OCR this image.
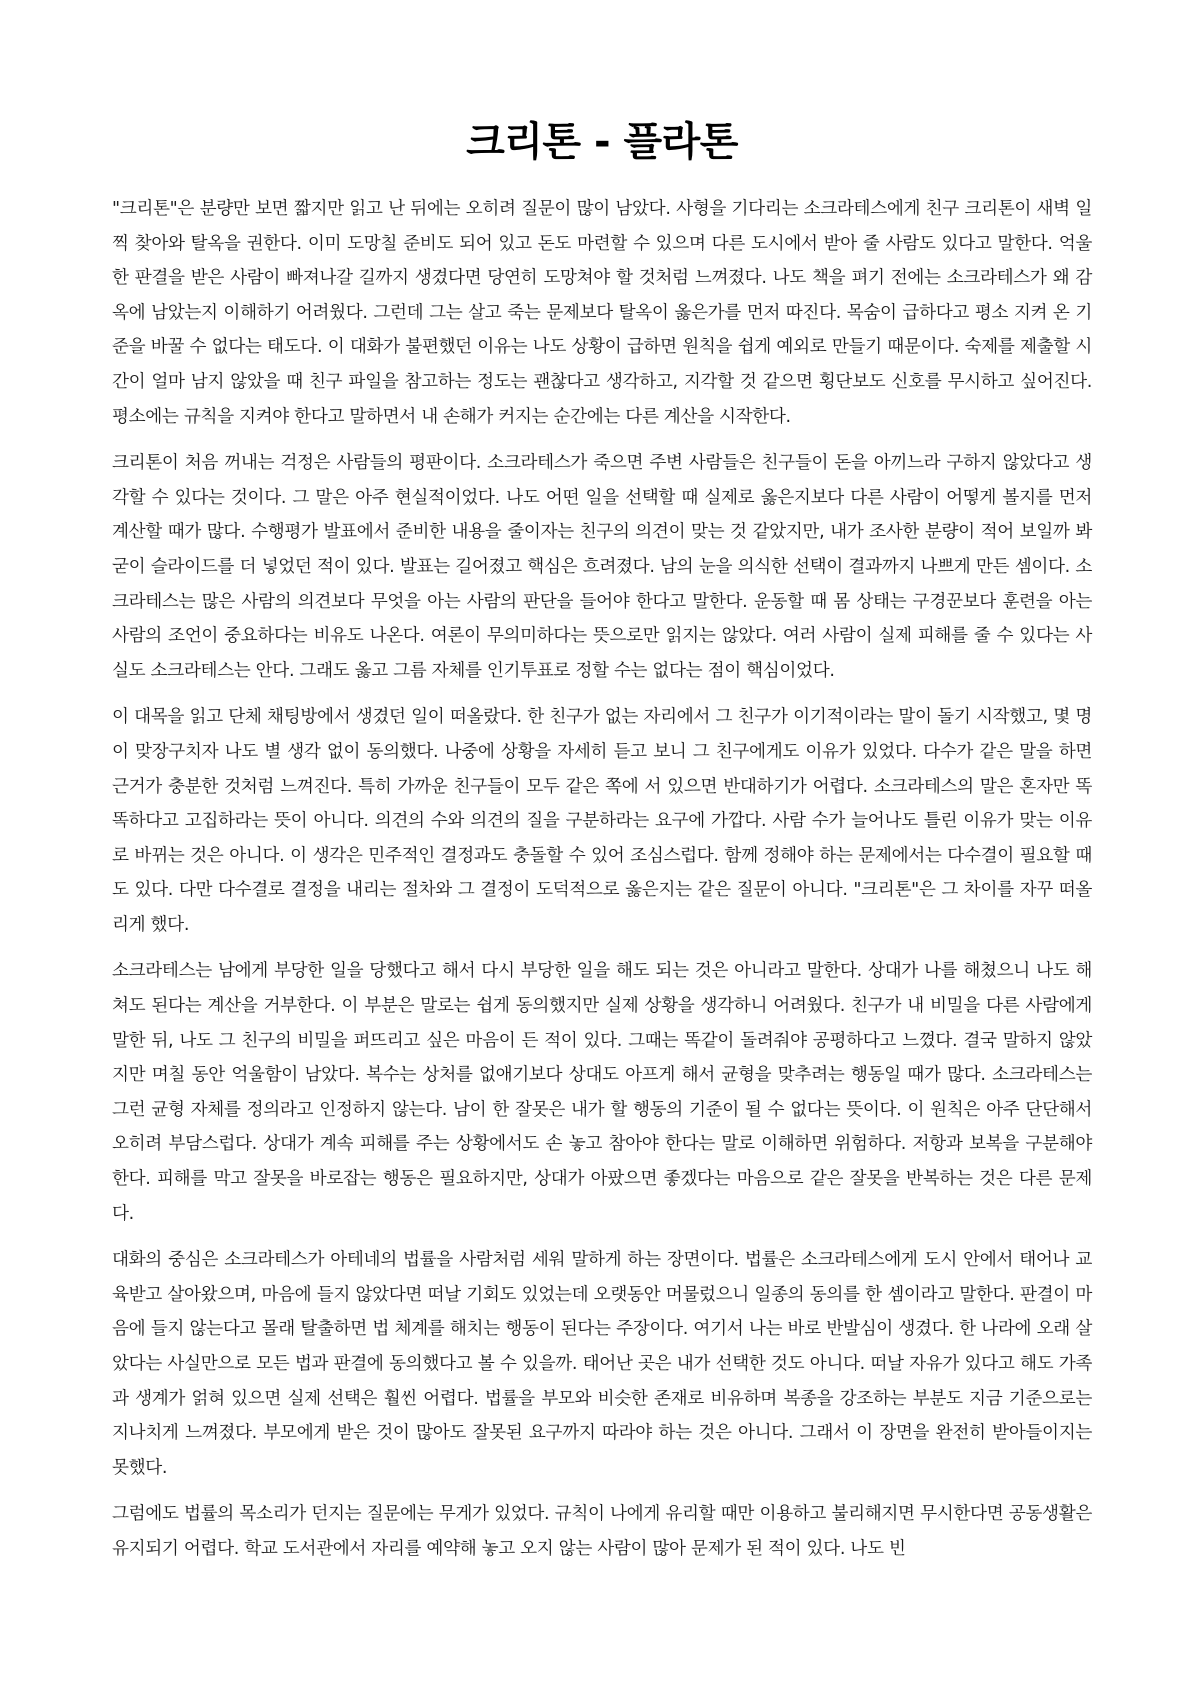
크리톤 - 플라톤

"크리톤"은 분량만 보면 짧지만 읽고 난 뒤에는 오히려 질문이 많이 남았다. 사형을 기다리는 소크라테스에게 친구 크리톤이 새벽 일찍 찾아와 탈옥을 권한다. 이미 도망칠 준비도 되어 있고 돈도 마련할 수 있으며 다른 도시에서 받아 줄 사람도 있다고 말한다. 억울한 판결을 받은 사람이 빠져나갈 길까지 생겼다면 당연히 도망쳐야 할 것처럼 느껴졌다. 나도 책을 펴기 전에는 소크라테스가 왜 감옥에 남았는지 이해하기 어려웠다. 그런데 그는 살고 죽는 문제보다 탈옥이 옳은가를 먼저 따진다. 목숨이 급하다고 평소 지켜 온 기준을 바꿀 수 없다는 태도다. 이 대화가 불편했던 이유는 나도 상황이 급하면 원칙을 쉽게 예외로 만들기 때문이다. 숙제를 제출할 시간이 얼마 남지 않았을 때 친구 파일을 참고하는 정도는 괜찮다고 생각하고, 지각할 것 같으면 횡단보도 신호를 무시하고 싶어진다. 평소에는 규칙을 지켜야 한다고 말하면서 내 손해가 커지는 순간에는 다른 계산을 시작한다.

크리톤이 처음 꺼내는 걱정은 사람들의 평판이다. 소크라테스가 죽으면 주변 사람들은 친구들이 돈을 아끼느라 구하지 않았다고 생각할 수 있다는 것이다. 그 말은 아주 현실적이었다. 나도 어떤 일을 선택할 때 실제로 옳은지보다 다른 사람이 어떻게 볼지를 먼저 계산할 때가 많다. 수행평가 발표에서 준비한 내용을 줄이자는 친구의 의견이 맞는 것 같았지만, 내가 조사한 분량이 적어 보일까 봐 굳이 슬라이드를 더 넣었던 적이 있다. 발표는 길어졌고 핵심은 흐려졌다. 남의 눈을 의식한 선택이 결과까지 나쁘게 만든 셈이다. 소크라테스는 많은 사람의 의견보다 무엇을 아는 사람의 판단을 들어야 한다고 말한다. 운동할 때 몸 상태는 구경꾼보다 훈련을 아는 사람의 조언이 중요하다는 비유도 나온다. 여론이 무의미하다는 뜻으로만 읽지는 않았다. 여러 사람이 실제 피해를 줄 수 있다는 사실도 소크라테스는 안다. 그래도 옳고 그름 자체를 인기투표로 정할 수는 없다는 점이 핵심이었다.

이 대목을 읽고 단체 채팅방에서 생겼던 일이 떠올랐다. 한 친구가 없는 자리에서 그 친구가 이기적이라는 말이 돌기 시작했고, 몇 명이 맞장구치자 나도 별 생각 없이 동의했다. 나중에 상황을 자세히 듣고 보니 그 친구에게도 이유가 있었다. 다수가 같은 말을 하면 근거가 충분한 것처럼 느껴진다. 특히 가까운 친구들이 모두 같은 쪽에 서 있으면 반대하기가 어렵다. 소크라테스의 말은 혼자만 똑똑하다고 고집하라는 뜻이 아니다. 의견의 수와 의견의 질을 구분하라는 요구에 가깝다. 사람 수가 늘어나도 틀린 이유가 맞는 이유로 바뀌는 것은 아니다. 이 생각은 민주적인 결정과도 충돌할 수 있어 조심스럽다. 함께 정해야 하는 문제에서는 다수결이 필요할 때도 있다. 다만 다수결로 결정을 내리는 절차와 그 결정이 도덕적으로 옳은지는 같은 질문이 아니다. "크리톤"은 그 차이를 자꾸 떠올리게 했다.

소크라테스는 남에게 부당한 일을 당했다고 해서 다시 부당한 일을 해도 되는 것은 아니라고 말한다. 상대가 나를 해쳤으니 나도 해쳐도 된다는 계산을 거부한다. 이 부분은 말로는 쉽게 동의했지만 실제 상황을 생각하니 어려웠다. 친구가 내 비밀을 다른 사람에게 말한 뒤, 나도 그 친구의 비밀을 퍼뜨리고 싶은 마음이 든 적이 있다. 그때는 똑같이 돌려줘야 공평하다고 느꼈다. 결국 말하지 않았지만 며칠 동안 억울함이 남았다. 복수는 상처를 없애기보다 상대도 아프게 해서 균형을 맞추려는 행동일 때가 많다. 소크라테스는 그런 균형 자체를 정의라고 인정하지 않는다. 남이 한 잘못은 내가 할 행동의 기준이 될 수 없다는 뜻이다. 이 원칙은 아주 단단해서 오히려 부담스럽다. 상대가 계속 피해를 주는 상황에서도 손 놓고 참아야 한다는 말로 이해하면 위험하다. 저항과 보복을 구분해야 한다. 피해를 막고 잘못을 바로잡는 행동은 필요하지만, 상대가 아팠으면 좋겠다는 마음으로 같은 잘못을 반복하는 것은 다른 문제다.

대화의 중심은 소크라테스가 아테네의 법률을 사람처럼 세워 말하게 하는 장면이다. 법률은 소크라테스에게 도시 안에서 태어나 교육받고 살아왔으며, 마음에 들지 않았다면 떠날 기회도 있었는데 오랫동안 머물렀으니 일종의 동의를 한 셈이라고 말한다. 판결이 마음에 들지 않는다고 몰래 탈출하면 법 체계를 해치는 행동이 된다는 주장이다. 여기서 나는 바로 반발심이 생겼다. 한 나라에 오래 살았다는 사실만으로 모든 법과 판결에 동의했다고 볼 수 있을까. 태어난 곳은 내가 선택한 것도 아니다. 떠날 자유가 있다고 해도 가족과 생계가 얽혀 있으면 실제 선택은 훨씬 어렵다. 법률을 부모와 비슷한 존재로 비유하며 복종을 강조하는 부분도 지금 기준으로는 지나치게 느껴졌다. 부모에게 받은 것이 많아도 잘못된 요구까지 따라야 하는 것은 아니다. 그래서 이 장면을 완전히 받아들이지는 못했다.

그럼에도 법률의 목소리가 던지는 질문에는 무게가 있었다. 규칙이 나에게 유리할 때만 이용하고 불리해지면 무시한다면 공동생활은 유지되기 어렵다. 학교 도서관에서 자리를 예약해 놓고 오지 않는 사람이 많아 문제가 된 적이 있다. 나도 빈
